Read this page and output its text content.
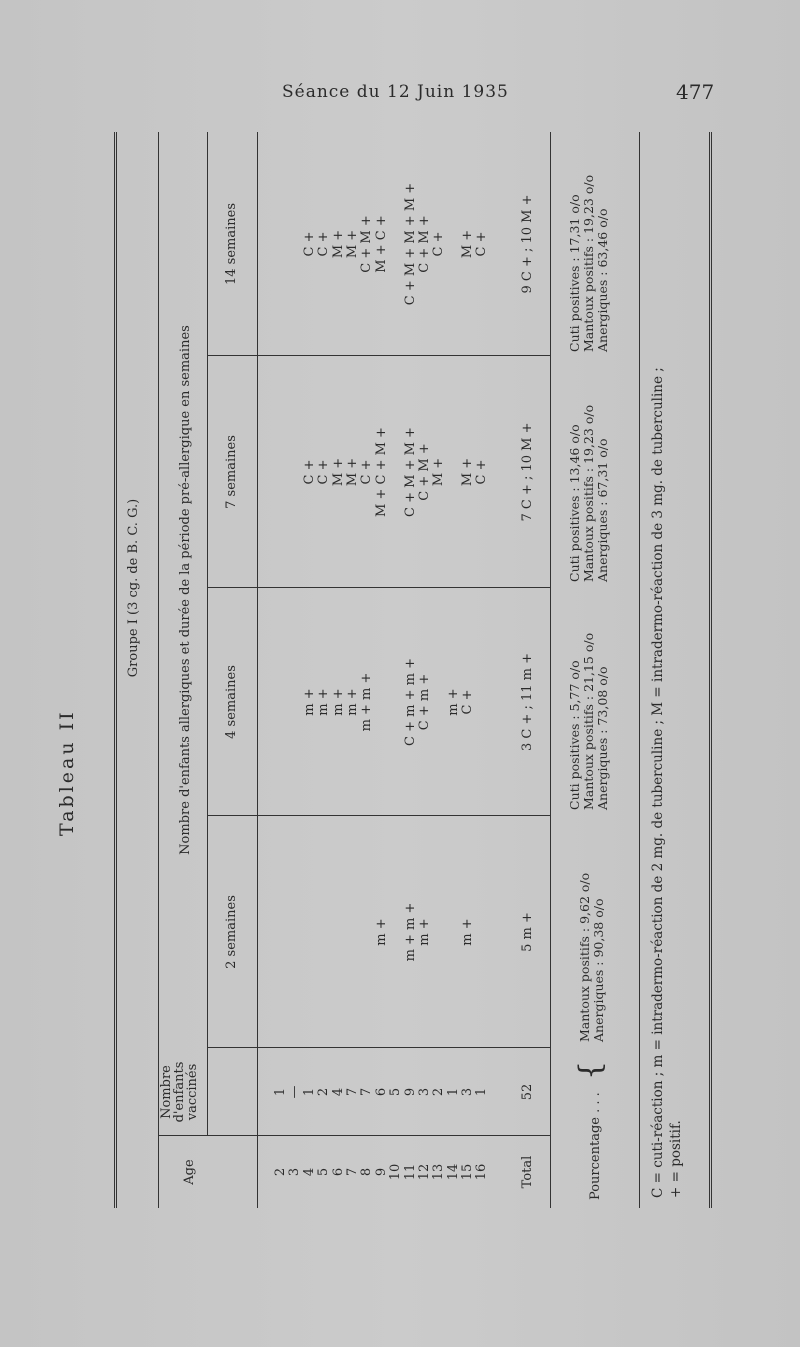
Séance du 12 Juin 1935	477
Tableau II
Groupe I (3 cg. de B. C. G.)
Age
Nombre d'enfants vaccinés
Nombre d'enfants allergiques et durée de la période pré-allergique en semaines
2 semaines
4 semaines
7 semaines
14 semaines
2 3 4 5 6 7 8 9 10 11 12 13 14 15 16
1 — 1 2 4 7 7 6 5 9 3 2 1 3 1
m + m + m + m + m +
m + m + m + m + m + m + C + m + m + C + m + m + C +
C + C + M + M + C + M + C + M + C + M + M + C + M + M + M + C +
C + C + M + M + C + M + M + C + C + M + M + M + C + M + C + M + C +
Total
52
5 m +
3 C + ; 11 m +
7 C + ; 10 M +
9 C + ; 10 M +
Pourcentage . . .
{
Mantoux positifs : 9,62 o/o Anergiques : 90,38 o/o
Cuti positives : 5,77 o/o Mantoux positifs : 21,15 o/o Anergiques : 73,08 o/o
Cuti positives : 13,46 o/o Mantoux positifs : 19,23 o/o Anergiques : 67,31 o/o
Cuti positives : 17,31 o/o Mantoux positifs : 19,23 o/o Anergiques : 63,46 o/o
C = cuti-réaction ; m = intradermo-réaction de 2 mg. de tuberculine ; M = intradermo-réaction de 3 mg. de tuberculine ; + = positif.
